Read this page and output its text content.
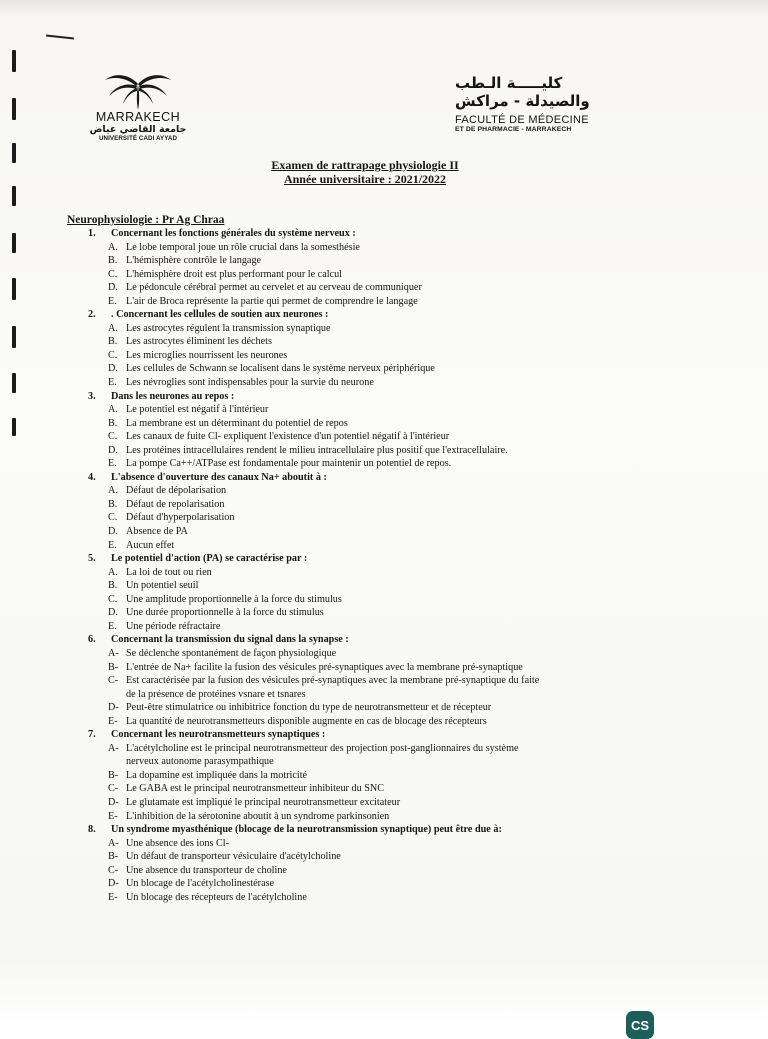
MARRAKECH
جامعة القاضي عياض
UNIVERSITÉ CADI AYYAD
كليـــــة الـطب
والصيدلة - مراكش
FACULTÉ DE MÉDECINE
ET DE PHARMACIE - MARRAKECH
Examen de rattrapage physiologie II
Année universitaire : 2021/2022
Neurophysiologie : Pr Ag Chraa
1.	Concernant les fonctions générales du système nerveux :
A. Le lobe temporal joue un rôle crucial dans la somesthésie
B. L'hémisphère contrôle le langage
C. L'hémisphère droit est plus performant pour le calcul
D. Le pédoncule cérébral permet au cervelet et au cerveau de communiquer
E. L'air de Broca représente la partie qui permet de comprendre le langage
2.	. Concernant les cellules de soutien aux neurones :
A. Les astrocytes régulent la transmission synaptique
B. Les astrocytes éliminent les déchets
C. Les microglies nourrissent les neurones
D. Les cellules de Schwann se localisent dans le système nerveux périphérique
E. Les névroglies sont indispensables pour la survie du neurone
3.	Dans les neurones au repos :
A. Le potentiel est négatif à l'intérieur
B. La membrane est un déterminant du potentiel de repos
C. Les canaux de fuite Cl- expliquent l'existence d'un potentiel négatif à l'intérieur
D. Les protéines intracellulaires rendent le milieu intracellulaire plus positif que l'extracellulaire.
E. La pompe Ca++/ATPase est fondamentale pour maintenir un potentiel de repos.
4.	L'absence d'ouverture des canaux Na+ aboutit à :
A. Défaut de dépolarisation
B. Défaut de repolarisation
C. Défaut d'hyperpolarisation
D. Absence de PA
E. Aucun effet
5.	Le potentiel d'action (PA) se caractérise par :
A. La loi de tout ou rien
B. Un potentiel seuil
C. Une amplitude proportionnelle à la force du stimulus
D. Une durée proportionnelle à la force du stimulus
E. Une période réfractaire
6.	Concernant la transmission du signal dans la synapse :
A- Se déclenche spontanément de façon physiologique
B- L'entrée de Na+ facilite la fusion des vésicules pré-synaptiques avec la membrane pré-synaptique
C- Est caractérisée par la fusion des vésicules pré-synaptiques avec la membrane pré-synaptique du faite
de la présence de protéines vsnare et tsnares
D- Peut-être stimulatrice ou inhibitrice fonction du type de neurotransmetteur et de récepteur
E- La quantité de neurotransmetteurs disponible augmente en cas de blocage des récepteurs
7.	Concernant les neurotransmetteurs synaptiques :
A- L'acétylcholine est le principal neurotransmetteur des projection post-ganglionnaires du système
nerveux autonome parasympathique
B- La dopamine est impliquée dans la motricité
C- Le GABA est le principal neurotransmetteur inhibiteur du SNC
D- Le glutamate est impliqué le principal neurotransmetteur excitateur
E- L'inhibition de la sérotonine aboutit à un syndrome parkinsonien
8.	Un syndrome myasthénique (blocage de la neurotransmission synaptique) peut être due à:
A- Une absence des ions Cl-
B- Un défaut de transporteur vésiculaire d'acétylcholine
C- Une absence du transporteur de choline
D- Un blocage de l'acétylcholinestérase
E- Un blocage des récepteurs de l'acétylcholine
CS
